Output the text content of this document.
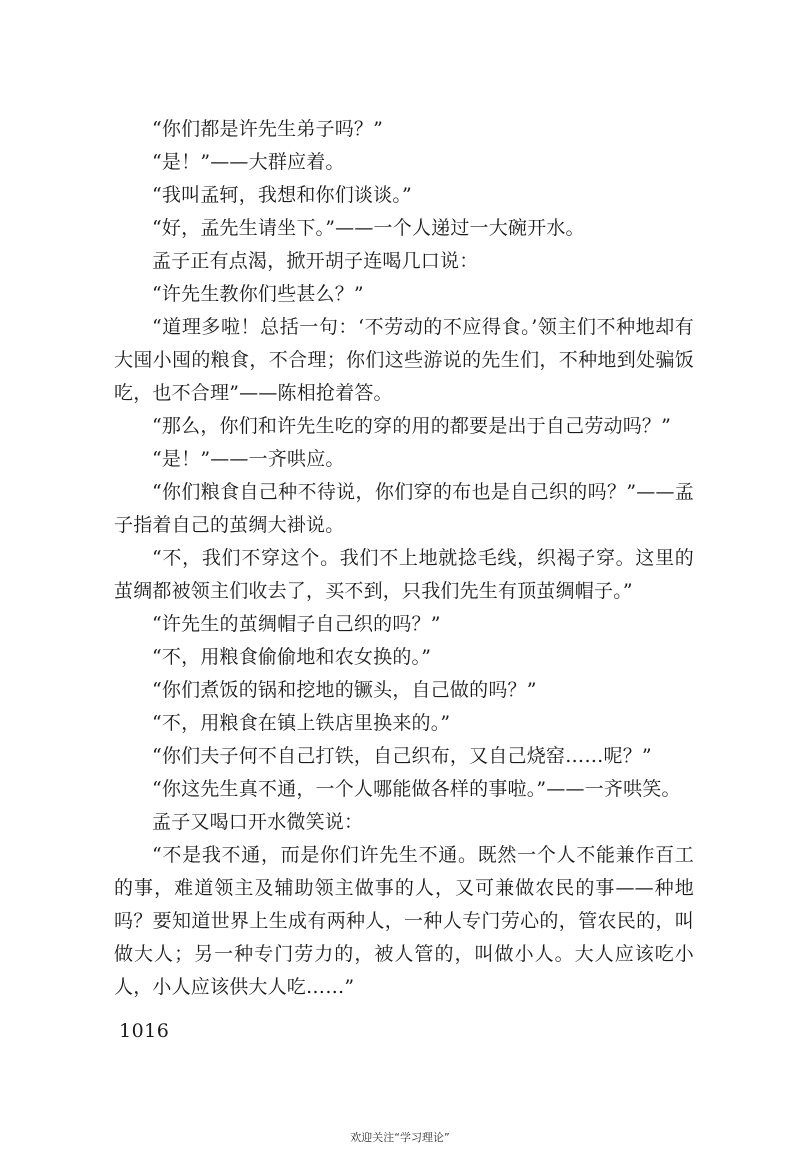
“你们都是许先生弟子吗？”

“是！”——大群应着。

“我叫孟轲，我想和你们谈谈。”

“好，孟先生请坐下。”——一个人递过一大碗开水。

孟子正有点渴，掀开胡子连喝几口说：

“许先生教你们些甚么？”

“道理多啦！总括一句：‘不劳动的不应得食。’领主们不种地却有大囤小囤的粮食，不合理；你们这些游说的先生们，不种地到处骗饭吃，也不合理”——陈相抢着答。

“那么，你们和许先生吃的穿的用的都要是出于自己劳动吗？”

“是！”——一齐哄应。

“你们粮食自己种不待说，你们穿的布也是自己织的吗？”——孟子指着自己的茧绸大褂说。

“不，我们不穿这个。我们不上地就捻毛线，织褐子穿。这里的茧绸都被领主们收去了，买不到，只我们先生有顶茧绸帽子。”

“许先生的茧绸帽子自己织的吗？”

“不，用粮食偷偷地和农女换的。”

“你们煮饭的锅和挖地的镢头，自己做的吗？”

“不，用粮食在镇上铁店里换来的。”

“你们夫子何不自己打铁，自己织布，又自己烧窑……呢？”

“你这先生真不通，一个人哪能做各样的事啦。”——一齐哄笑。

孟子又喝口开水微笑说：

“不是我不通，而是你们许先生不通。既然一个人不能兼作百工的事，难道领主及辅助领主做事的人，又可兼做农民的事——种地吗？要知道世界上生成有两种人，一种人专门劳心的，管农民的，叫做大人；另一种专门劳力的，被人管的，叫做小人。大人应该吃小人，小人应该供大人吃……”

1016
欢迎关注“学习理论”
